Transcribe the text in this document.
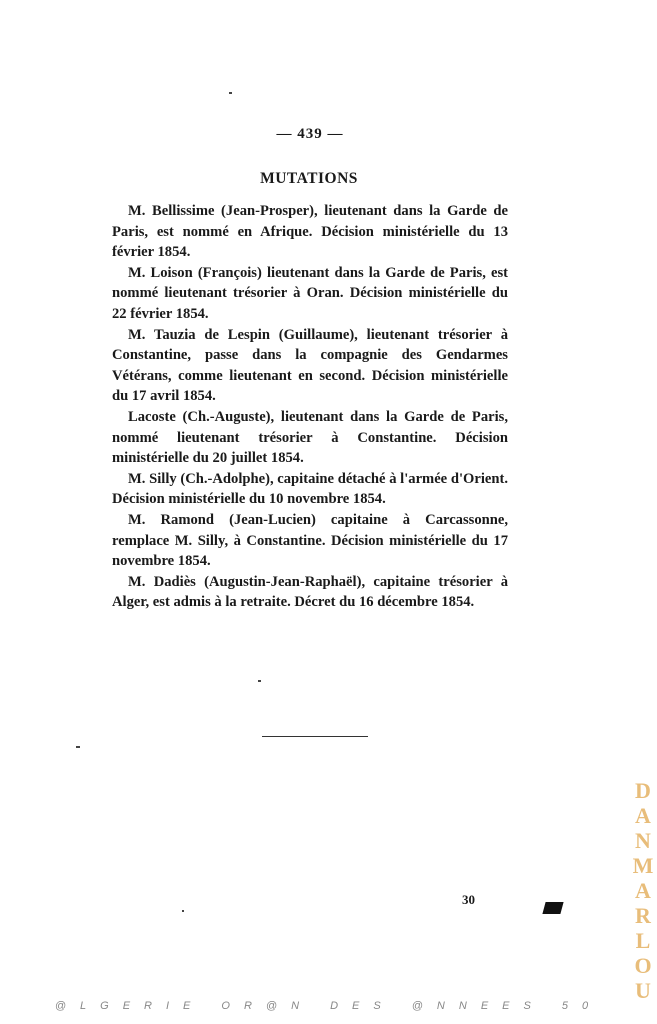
— 439 —
MUTATIONS

M. Bellissime (Jean-Prosper), lieutenant dans la Garde de Paris, est nommé en Afrique. Décision ministérielle du 13 février 1854.

M. Loison (François) lieutenant dans la Garde de Paris, est nommé lieutenant trésorier à Oran. Décision ministérielle du 22 février 1854.

M. Tauzia de Lespin (Guillaume), lieutenant trésorier à Constantine, passe dans la compagnie des Gendarmes Vétérans, comme lieutenant en second. Décision ministérielle du 17 avril 1854.

Lacoste (Ch.-Auguste), lieutenant dans la Garde de Paris, nommé lieutenant trésorier à Constantine. Décision ministérielle du 20 juillet 1854.

M. Silly (Ch.-Adolphe), capitaine détaché à l'armée d'Orient. Décision ministérielle du 10 novembre 1854.

M. Ramond (Jean-Lucien) capitaine à Carcassonne, remplace M. Silly, à Constantine. Décision ministérielle du 17 novembre 1854.

M. Dadiès (Augustin-Jean-Raphaël), capitaine trésorier à Alger, est admis à la retraite. Décret du 16 décembre 1854.

30
DANMARLOU
@LGERIE OR@N DES @NNEES 50
